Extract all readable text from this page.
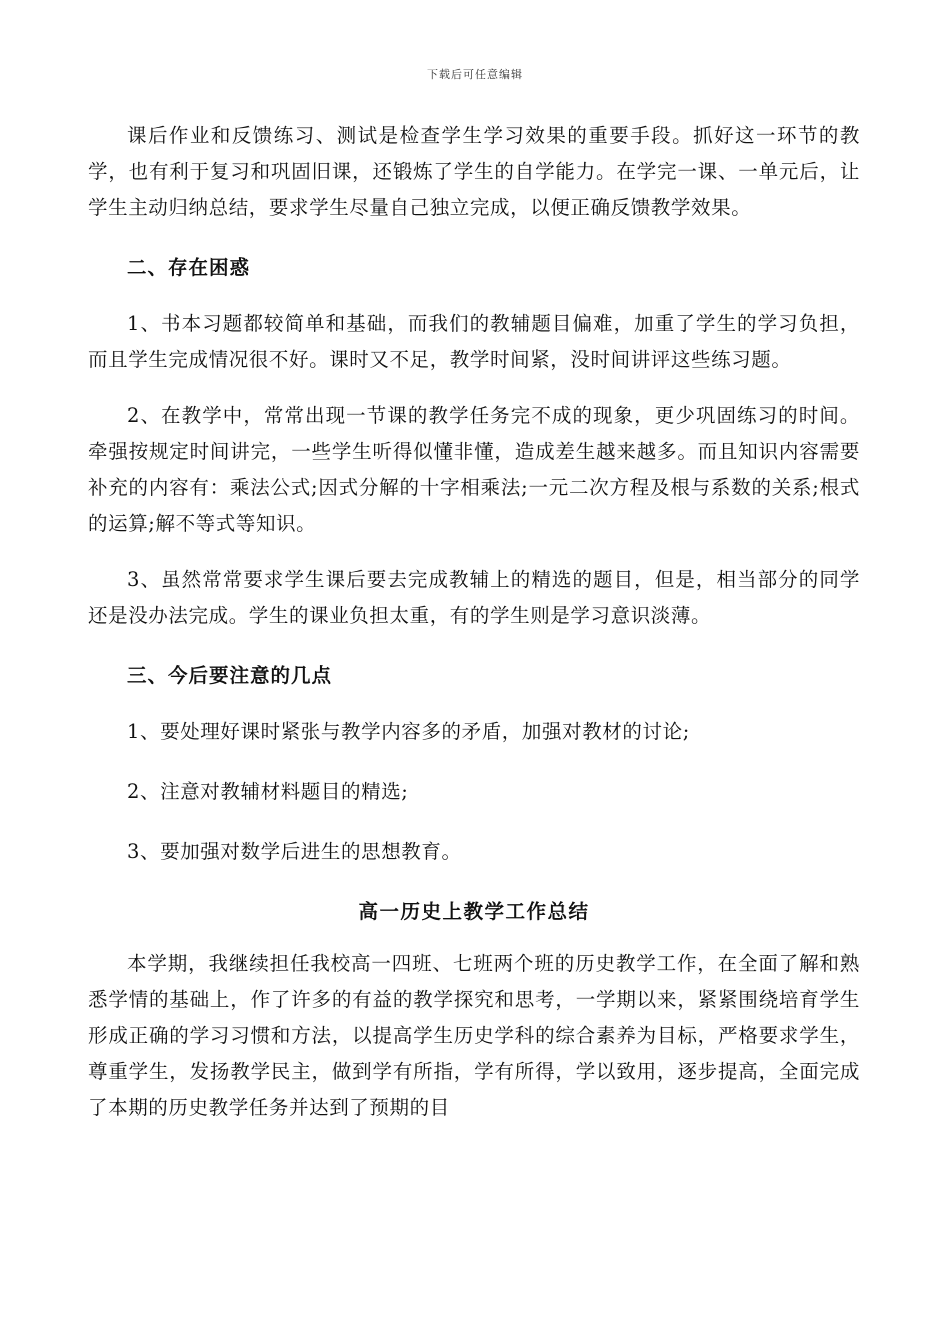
下载后可任意编辑

课后作业和反馈练习、测试是检查学生学习效果的重要手段。抓好这一环节的教学，也有利于复习和巩固旧课，还锻炼了学生的自学能力。在学完一课、一单元后，让学生主动归纳总结，要求学生尽量自己独立完成，以便正确反馈教学效果。

二、存在困惑

1、书本习题都较简单和基础，而我们的教辅题目偏难，加重了学生的学习负担，而且学生完成情况很不好。课时又不足，教学时间紧，没时间讲评这些练习题。

2、在教学中，常常出现一节课的教学任务完不成的现象，更少巩固练习的时间。牵强按规定时间讲完，一些学生听得似懂非懂，造成差生越来越多。而且知识内容需要补充的内容有：乘法公式;因式分解的十字相乘法;一元二次方程及根与系数的关系;根式的运算;解不等式等知识。

3、虽然常常要求学生课后要去完成教辅上的精选的题目，但是，相当部分的同学还是没办法完成。学生的课业负担太重，有的学生则是学习意识淡薄。

三、今后要注意的几点

1、要处理好课时紧张与教学内容多的矛盾，加强对教材的讨论;

2、注意对教辅材料题目的精选;

3、要加强对数学后进生的思想教育。

高一历史上教学工作总结

本学期，我继续担任我校高一四班、七班两个班的历史教学工作，在全面了解和熟悉学情的基础上，作了许多的有益的教学探究和思考，一学期以来，紧紧围绕培育学生形成正确的学习习惯和方法，以提高学生历史学科的综合素养为目标，严格要求学生，尊重学生，发扬教学民主，做到学有所指，学有所得，学以致用，逐步提高，全面完成了本期的历史教学任务并达到了预期的目
